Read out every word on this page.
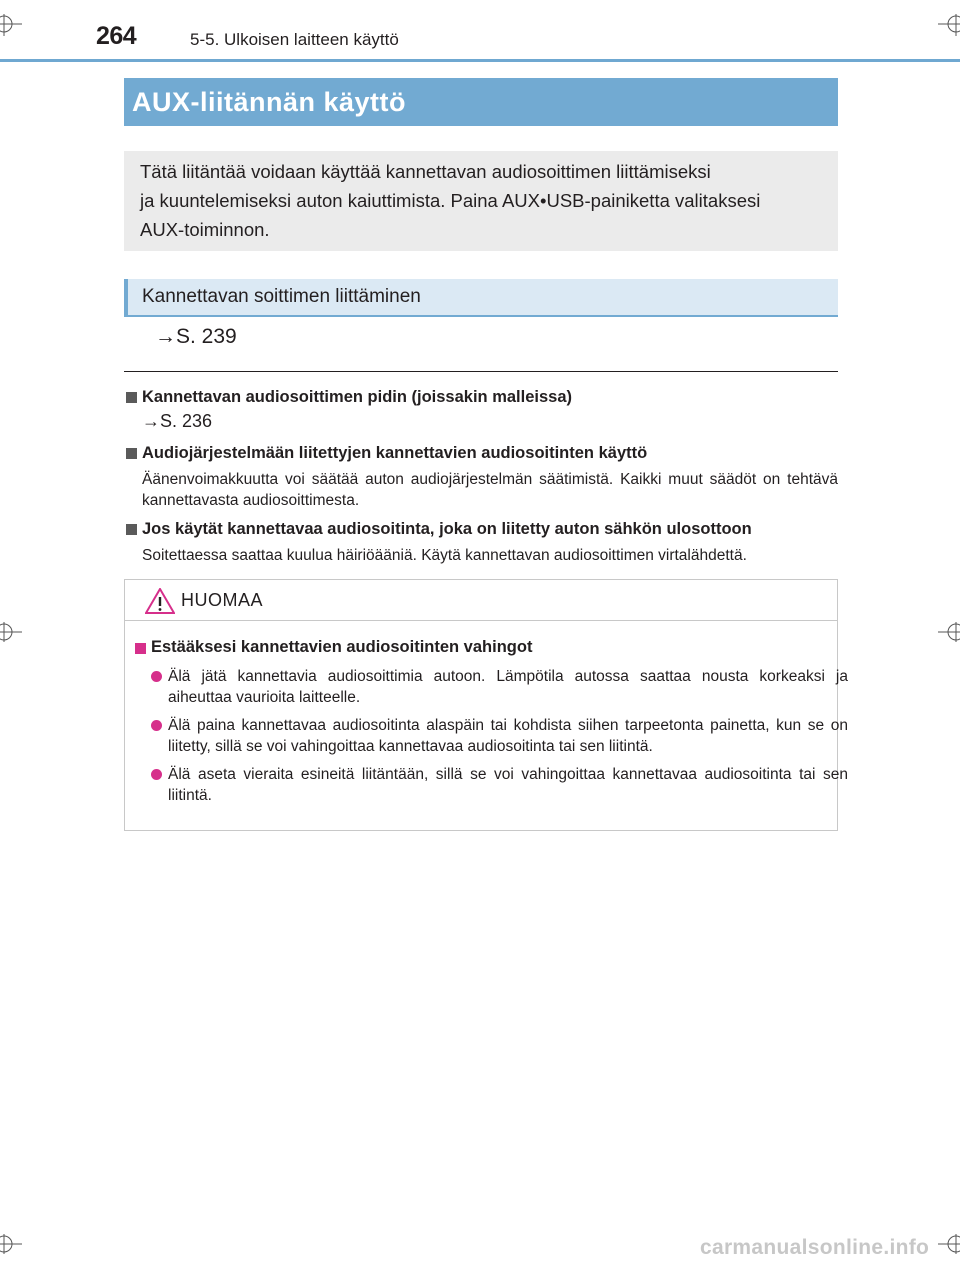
264	5-5. Ulkoisen laitteen käyttö
AUX-liitännän käyttö
Tätä liitäntää voidaan käyttää kannettavan audiosoittimen liittämiseksi
ja kuuntelemiseksi auton kaiuttimista. Paina AUX•USB-painiketta valitaksesi
AUX-toiminnon.
Kannettavan soittimen liittäminen
→S. 239
Kannettavan audiosoittimen pidin (joissakin malleissa)
→S. 236
Audiojärjestelmään liitettyjen kannettavien audiosoitinten käyttö
Äänenvoimakkuutta voi säätää auton audiojärjestelmän säätimistä. Kaikki muut säädöt on tehtävä kannettavasta audiosoittimesta.
Jos käytät kannettavaa audiosoitinta, joka on liitetty auton sähkön ulosottoon
Soitettaessa saattaa kuulua häiriöääniä. Käytä kannettavan audiosoittimen virtalähdettä.
HUOMAA
Estääksesi kannettavien audiosoitinten vahingot
Älä jätä kannettavia audiosoittimia autoon. Lämpötila autossa saattaa nousta korkeaksi ja aiheuttaa vaurioita laitteelle.
Älä paina kannettavaa audiosoitinta alaspäin tai kohdista siihen tarpeetonta painetta, kun se on liitetty, sillä se voi vahingoittaa kannettavaa audiosoitinta tai sen liitintä.
Älä aseta vieraita esineitä liitäntään, sillä se voi vahingoittaa kannettavaa audiosoitinta tai sen liitintä.
carmanualsonline.info
